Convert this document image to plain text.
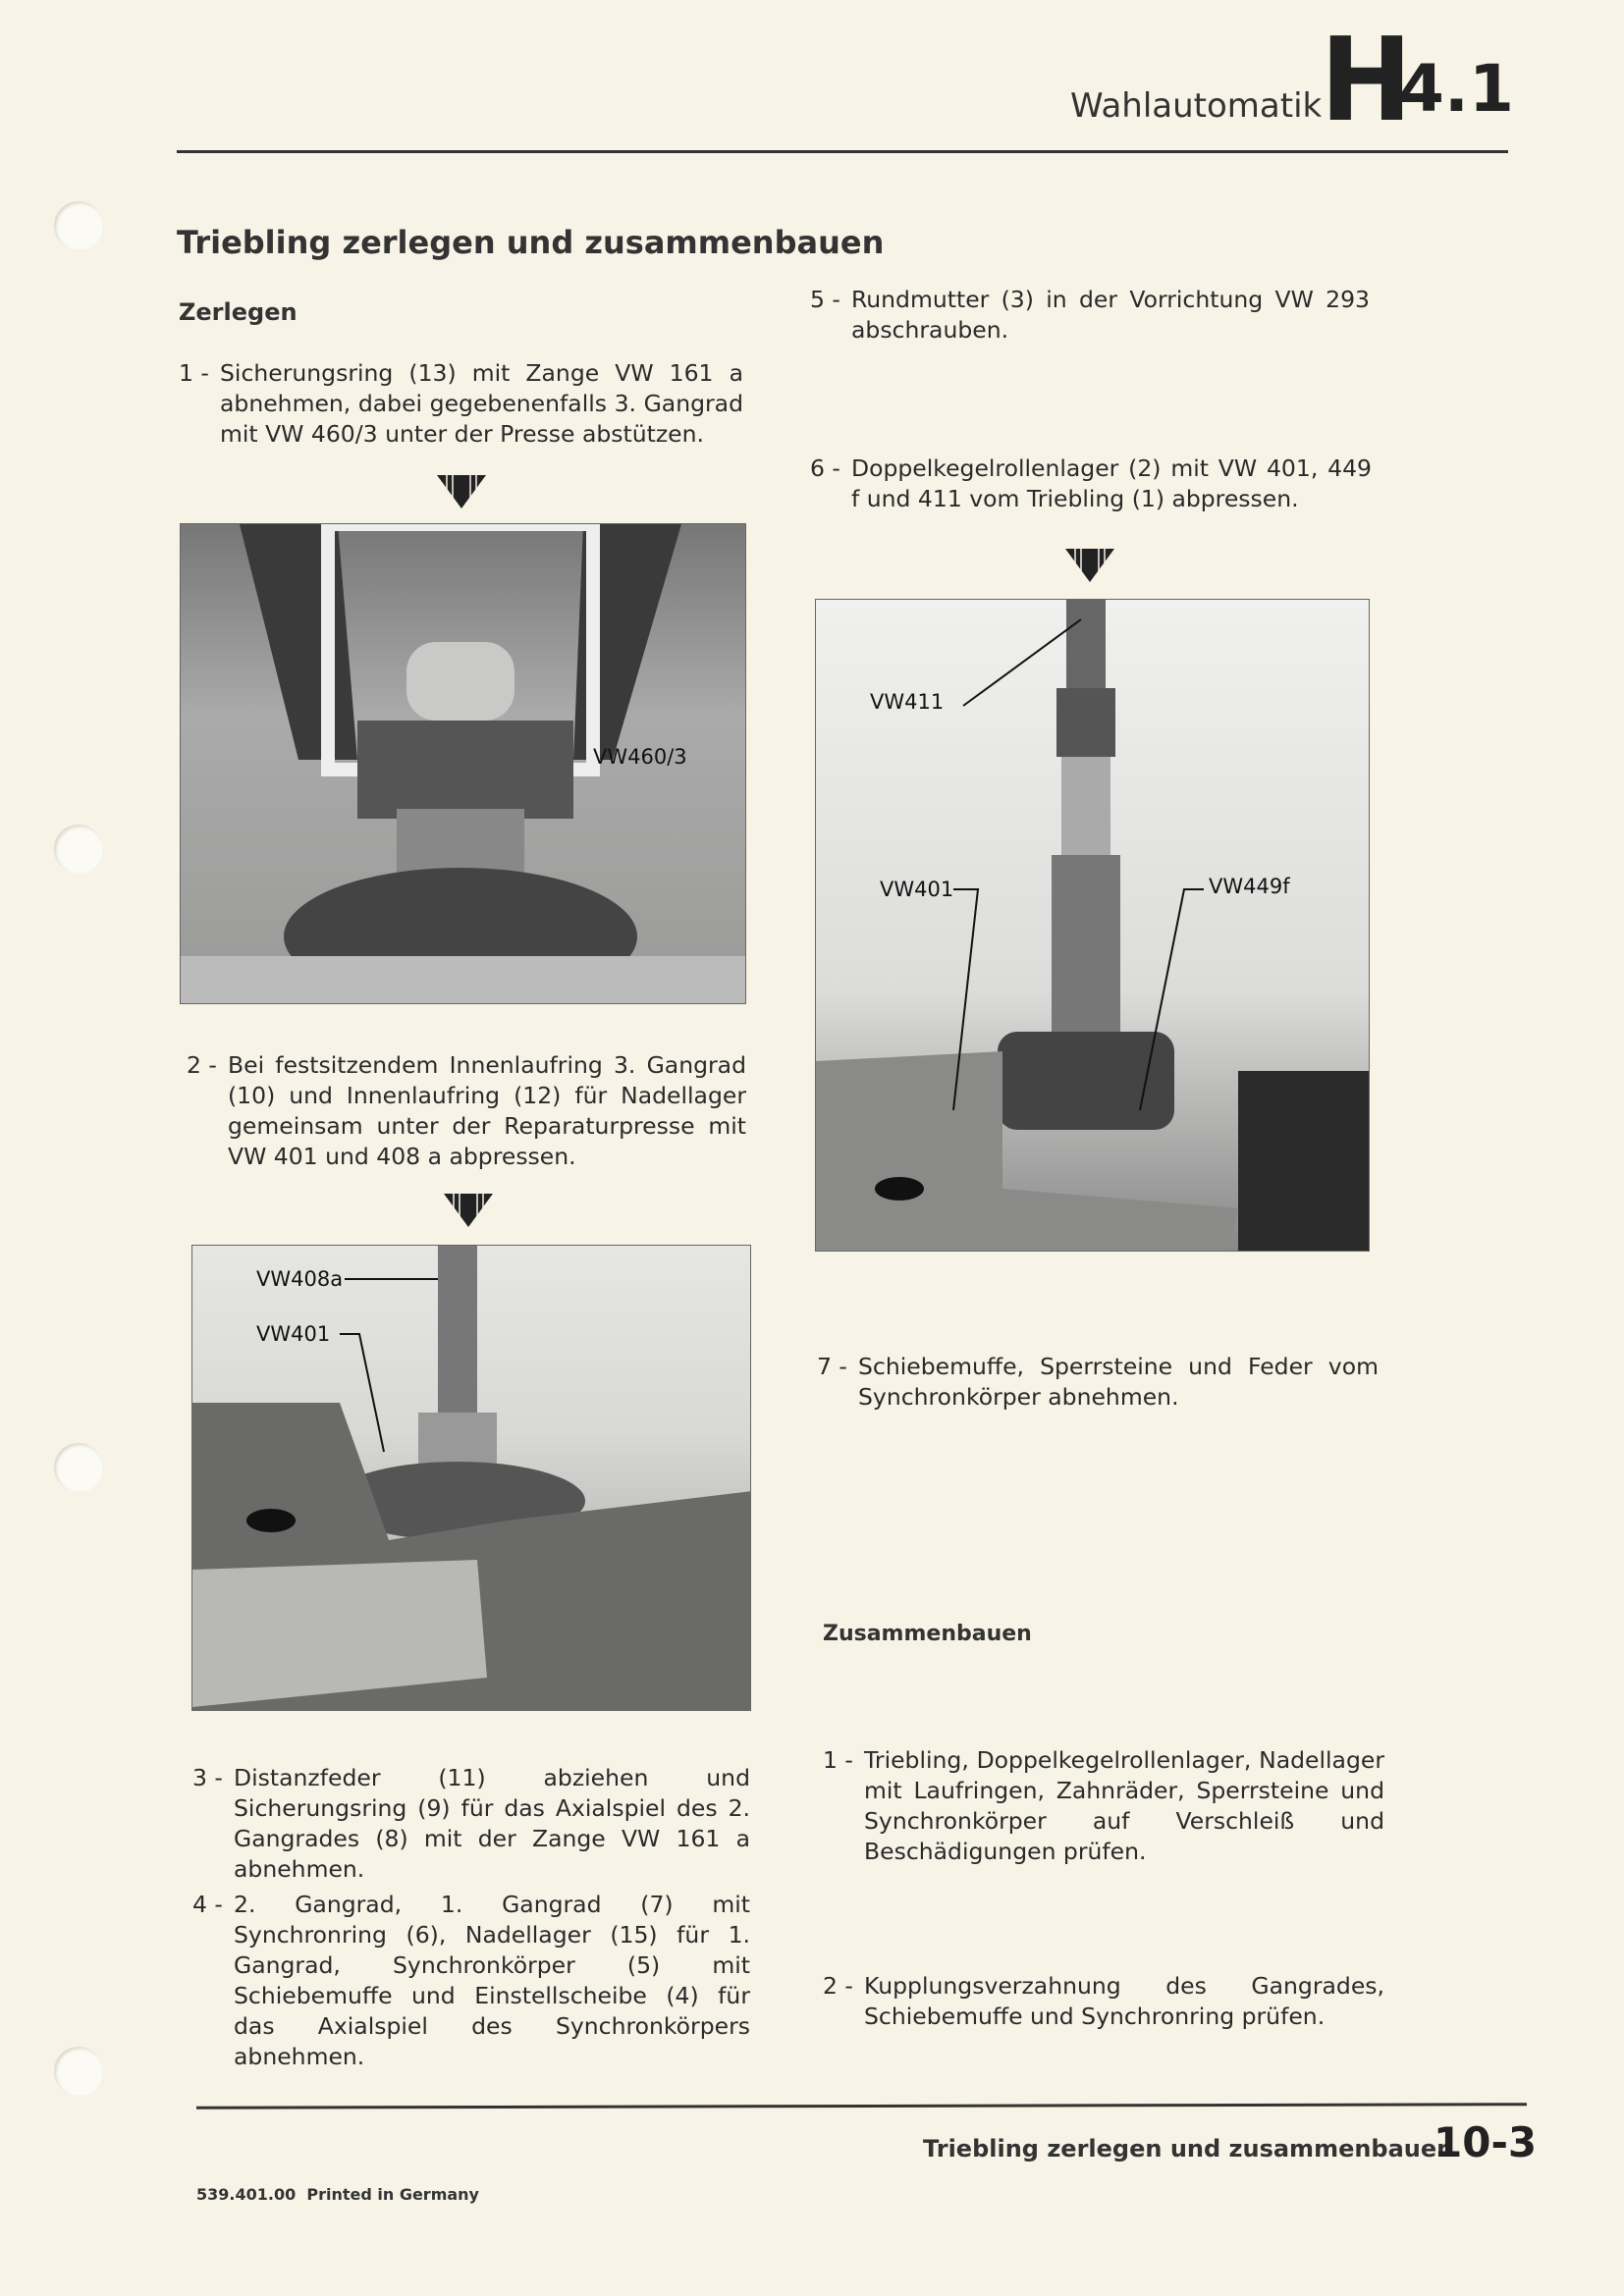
Wahlautomatik
H
4.1
Triebling zerlegen und zusammenbauen
Zerlegen
1 - Sicherungsring (13) mit Zange VW 161 a abnehmen, dabei gegebenenfalls 3. Gangrad mit VW 460/3 unter der Presse abstützen.
VW460/3
2 - Bei festsitzendem Innenlaufring 3. Gangrad (10) und Innenlaufring (12) für Nadellager gemeinsam unter der Reparaturpresse mit VW 401 und 408 a abpressen.
VW408a
VW401
3 - Distanzfeder (11) abziehen und Sicherungsring (9) für das Axialspiel des 2. Gangrades (8) mit der Zange VW 161 a abnehmen.
4 - 2. Gangrad, 1. Gangrad (7) mit Synchronring (6), Nadellager (15) für 1. Gangrad, Synchronkörper (5) mit Schiebemuffe und Einstellscheibe (4) für das Axialspiel des Synchronkörpers abnehmen.
5 - Rundmutter (3) in der Vorrichtung VW 293 abschrauben.
6 - Doppelkegelrollenlager (2) mit VW 401, 449 f und 411 vom Triebling (1) abpressen.
VW411
VW401	VW449f
7 - Schiebemuffe, Sperrsteine und Feder vom Synchronkörper abnehmen.
Zusammenbauen
1 - Triebling, Doppelkegelrollenlager, Nadellager mit Laufringen, Zahnräder, Sperrsteine und Synchronkörper auf Verschleiß und Beschädigungen prüfen.
2 - Kupplungsverzahnung des Gangrades, Schiebemuffe und Synchronring prüfen.
Triebling zerlegen und zusammenbauen
10-3
539.401.00  Printed in Germany
